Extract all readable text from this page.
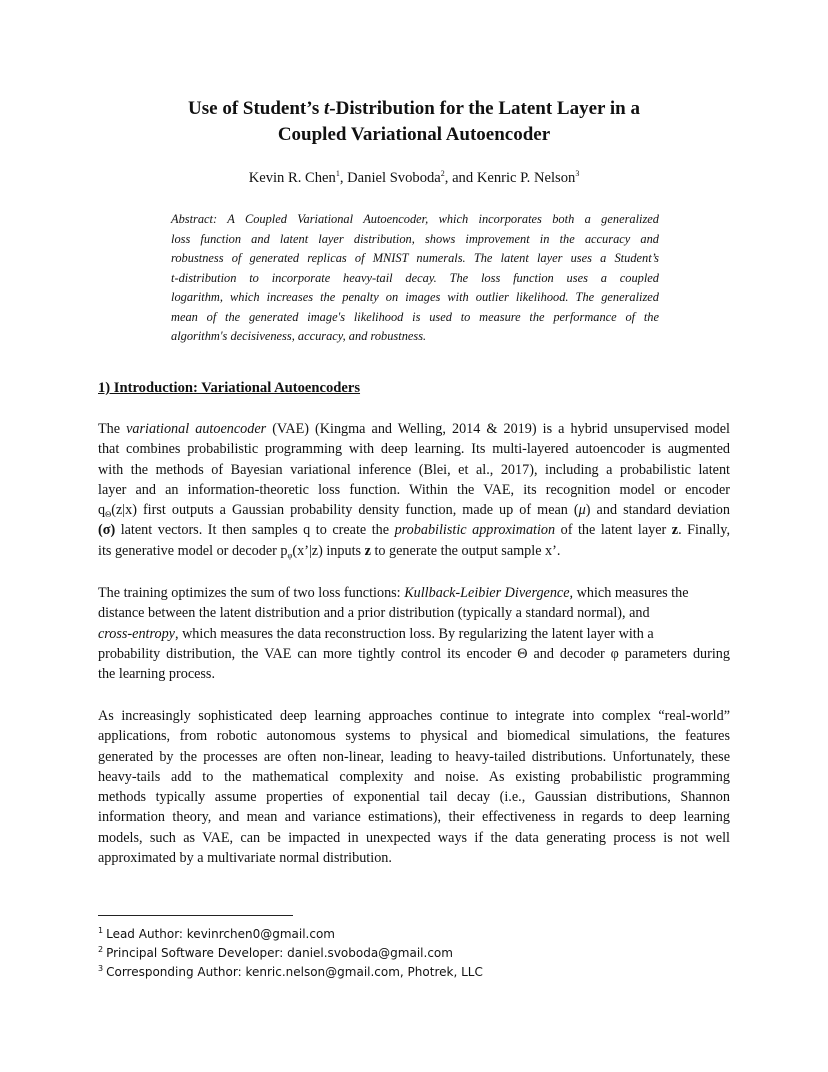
Use of Student’s t-Distribution for the Latent Layer in a
Coupled Variational Autoencoder

Kevin R. Chen$^1$, Daniel Svoboda$^2$, and Kenric P. Nelson$^3$

Abstract: A Coupled Variational Autoencoder, which incorporates both a generalized
loss function and latent layer distribution, shows improvement in the accuracy and
robustness of generated replicas of MNIST numerals. The latent layer uses a Student’s
t-distribution to incorporate heavy-tail decay. The loss function uses a coupled
logarithm, which increases the penalty on images with outlier likelihood. The generalized
mean of the generated image's likelihood is used to measure the performance of the
algorithm's decisiveness, accuracy, and robustness.

1) Introduction: Variational Autoencoders

The variational autoencoder (VAE) (Kingma and Welling, 2014 & 2019) is a hybrid unsupervised model
that combines probabilistic programming with deep learning. Its multi-layered autoencoder is augmented
with the methods of Bayesian variational inference (Blei, et al., 2017), including a probabilistic latent
layer and an information-theoretic loss function. Within the VAE, its recognition model or encoder
$q_\Theta(z|x)$ first outputs a Gaussian probability density function, made up of mean (μ) and standard deviation
(σ) latent vectors. It then samples q to create the probabilistic approximation of the latent layer z. Finally,
its generative model or decoder $p_\varphi(x’|z)$ inputs z to generate the output sample x’.

The training optimizes the sum of two loss functions: Kullback-Leibier Divergence, which measures the
distance between the latent distribution and a prior distribution (typically a standard normal), and
cross-entropy, which measures the data reconstruction loss. By regularizing the latent layer with a
probability distribution, the VAE can more tightly control its encoder Θ and decoder φ parameters during
the learning process.

As increasingly sophisticated deep learning approaches continue to integrate into complex “real-world”
applications, from robotic autonomous systems to physical and biomedical simulations, the features
generated by the processes are often non-linear, leading to heavy-tailed distributions. Unfortunately, these
heavy-tails add to the mathematical complexity and noise. As existing probabilistic programming
methods typically assume properties of exponential tail decay (i.e., Gaussian distributions, Shannon
information theory, and mean and variance estimations), their effectiveness in regards to deep learning
models, such as VAE, can be impacted in unexpected ways if the data generating process is not well
approximated by a multivariate normal distribution.

$^1$ Lead Author: kevinrchen0@gmail.com
$^2$ Principal Software Developer: daniel.svoboda@gmail.com
$^3$ Corresponding Author: kenric.nelson@gmail.com, Photrek, LLC
